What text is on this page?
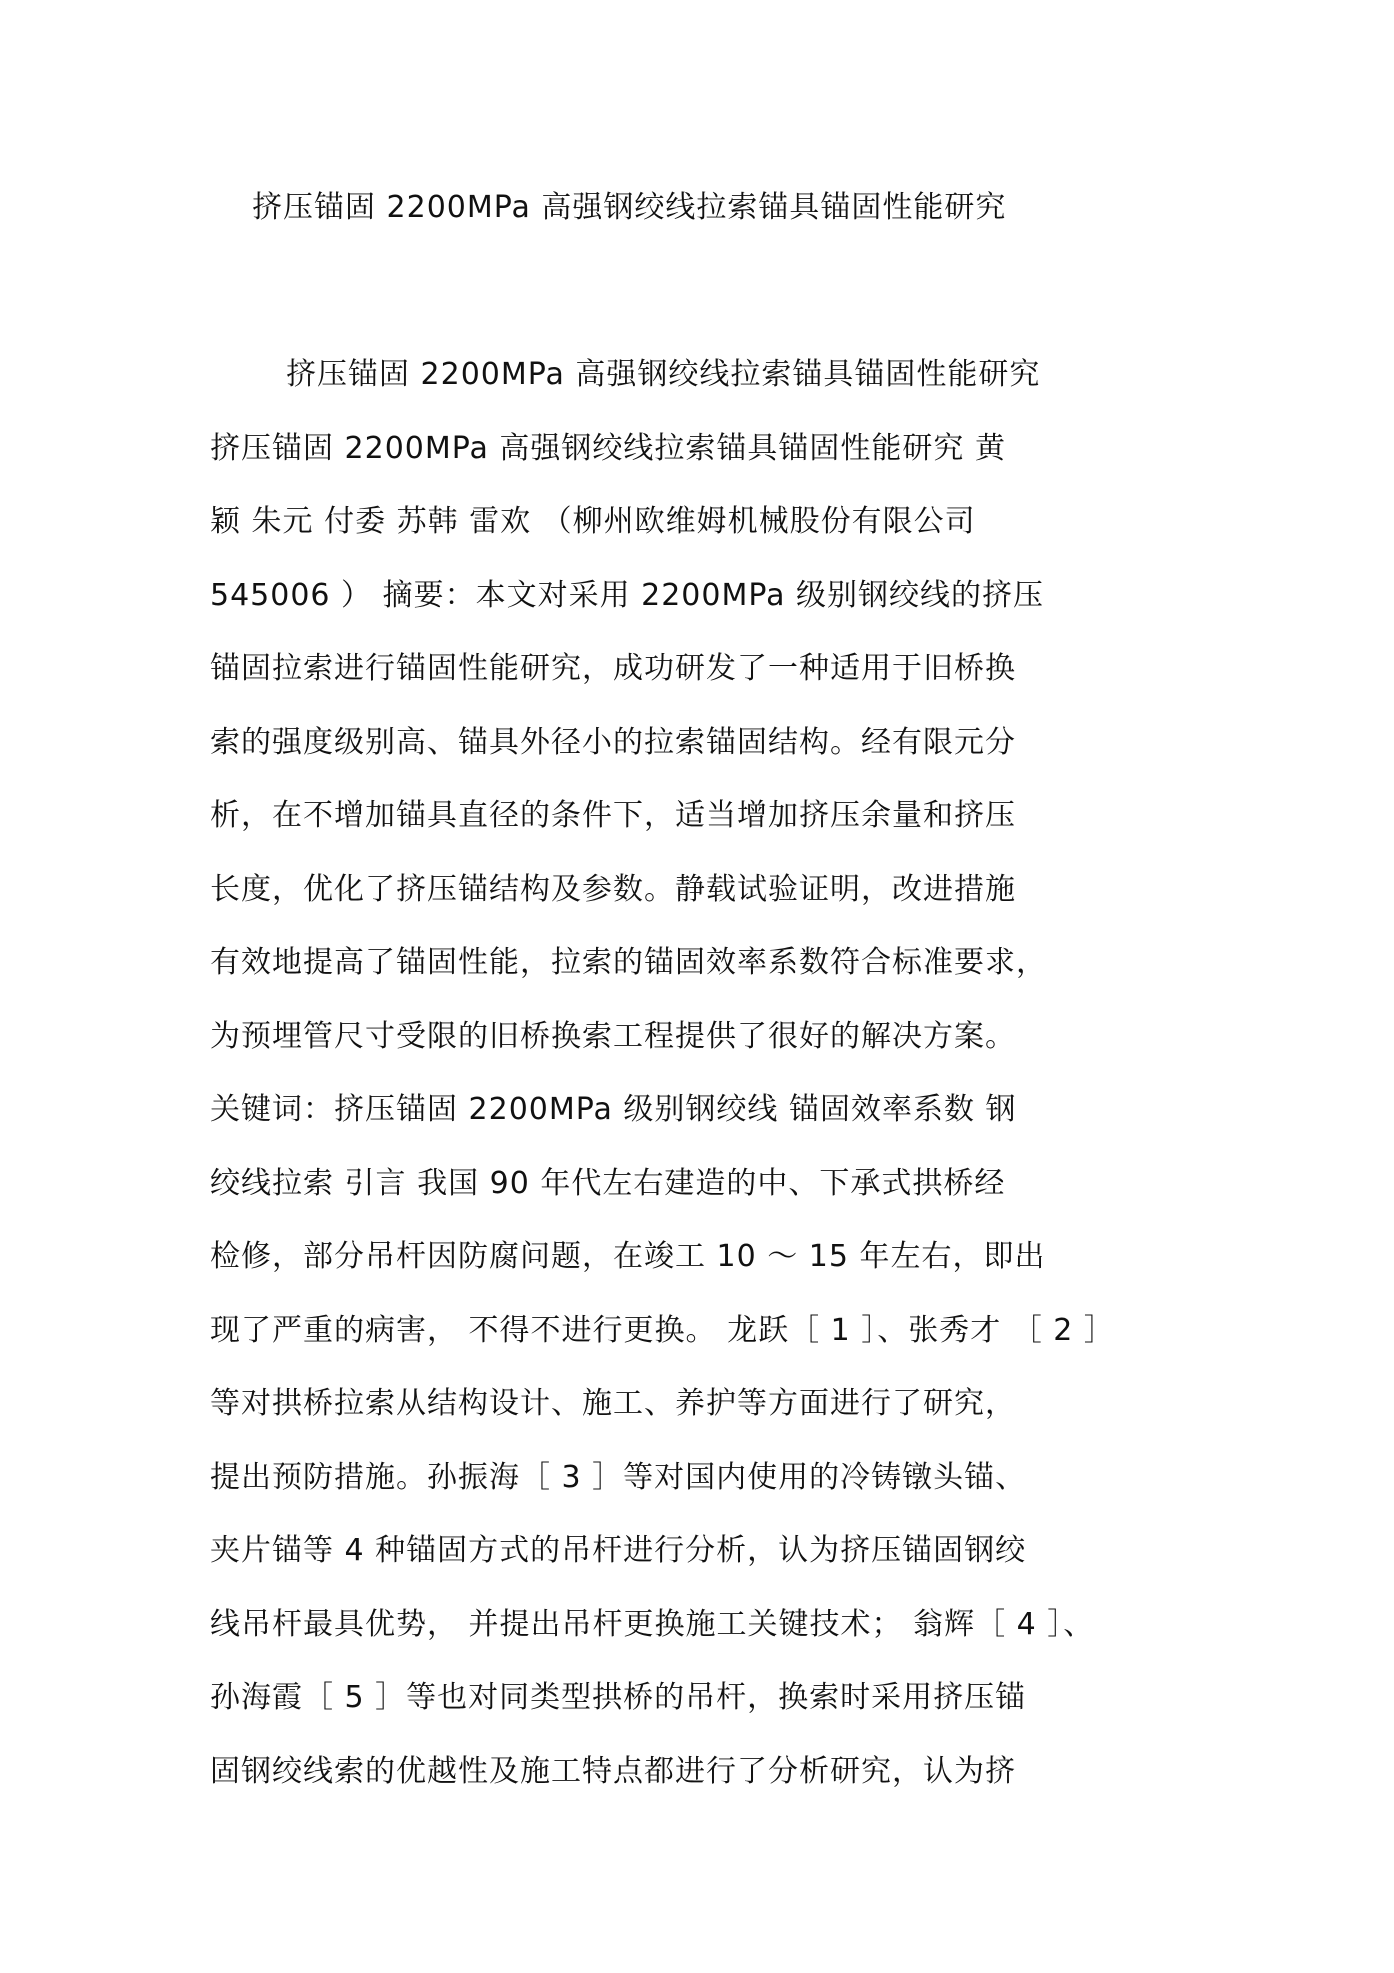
挤压锚固 2200MPa 高强钢绞线拉索锚具锚固性能研究
挤压锚固 2200MPa 高强钢绞线拉索锚具锚固性能研究
挤压锚固 2200MPa 高强钢绞线拉索锚具锚固性能研究 黄
颖 朱元 付委 苏韩 雷欢 （柳州欧维姆机械股份有限公司
545006 ） 摘要：本文对采用 2200MPa 级别钢绞线的挤压
锚固拉索进行锚固性能研究，成功研发了一种适用于旧桥换
索的强度级别高、锚具外径小的拉索锚固结构。经有限元分
析，在不增加锚具直径的条件下，适当增加挤压余量和挤压
长度，优化了挤压锚结构及参数。静载试验证明，改进措施
有效地提高了锚固性能，拉索的锚固效率系数符合标准要求，
为预埋管尺寸受限的旧桥换索工程提供了很好的解决方案。
关键词：挤压锚固 2200MPa 级别钢绞线 锚固效率系数 钢
绞线拉索 引言 我国 90 年代左右建造的中、下承式拱桥经
检修，部分吊杆因防腐问题，在竣工 10 ～ 15 年左右，即出
现了严重的病害， 不得不进行更换。 龙跃［ 1 ］、张秀才 ［ 2 ］
等对拱桥拉索从结构设计、施工、养护等方面进行了研究，
提出预防措施。孙振海［ 3 ］等对国内使用的冷铸镦头锚、
夹片锚等 4 种锚固方式的吊杆进行分析，认为挤压锚固钢绞
线吊杆最具优势， 并提出吊杆更换施工关键技术； 翁辉［ 4 ］、
孙海霞［ 5 ］等也对同类型拱桥的吊杆，换索时采用挤压锚
固钢绞线索的优越性及施工特点都进行了分析研究，认为挤
